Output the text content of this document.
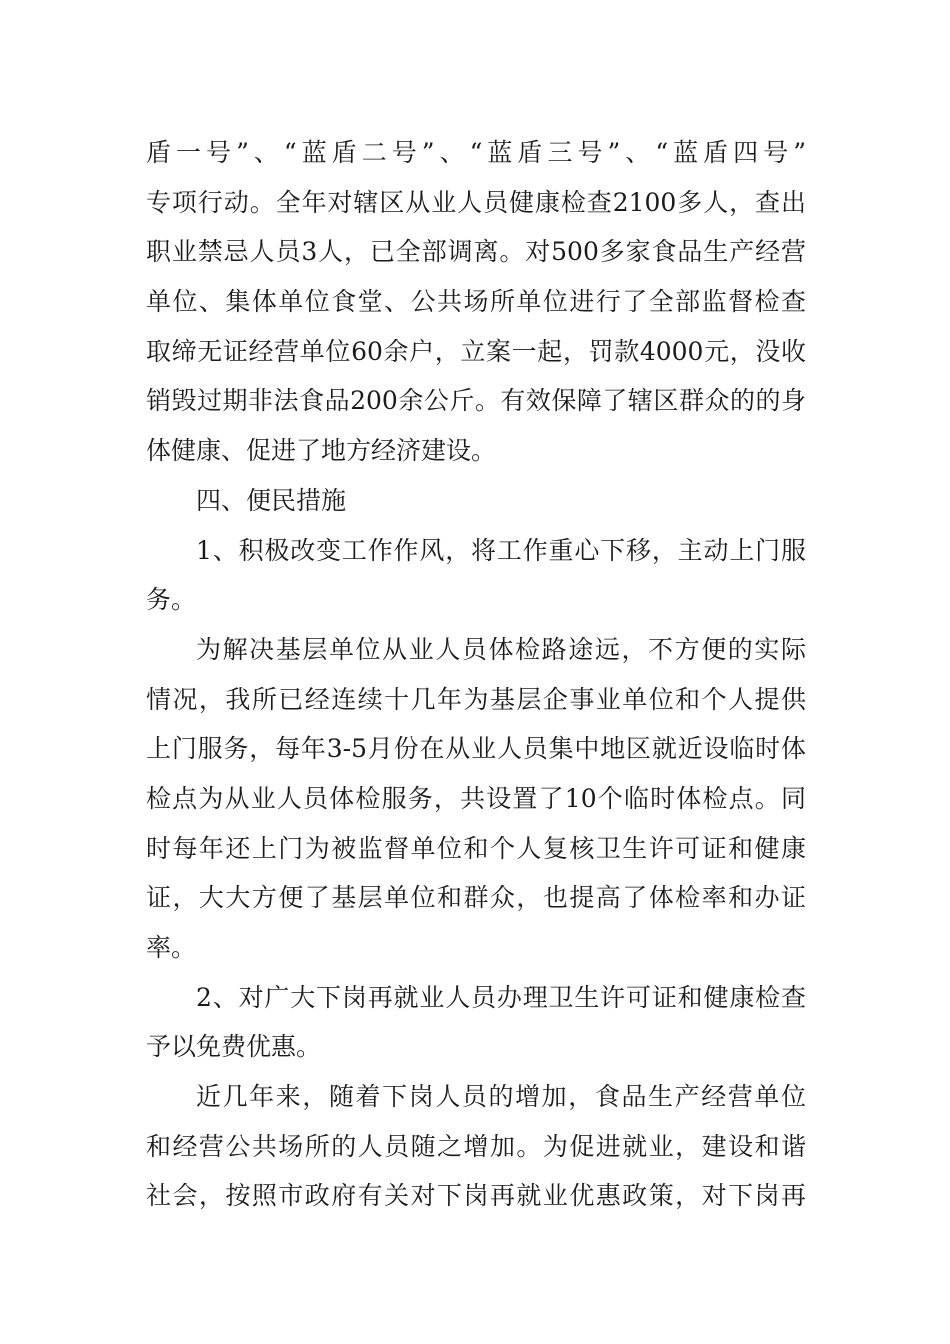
盾一号”、“蓝盾二号”、“蓝盾三号”、“蓝盾四号”
专项行动。全年对辖区从业人员健康检查2100多人，查出
职业禁忌人员3人，已全部调离。对500多家食品生产经营
单位、集体单位食堂、公共场所单位进行了全部监督检查
取缔无证经营单位60余户，立案一起，罚款4000元，没收
销毁过期非法食品200余公斤。有效保障了辖区群众的的身
体健康、促进了地方经济建设。
四、便民措施
1、积极改变工作作风，将工作重心下移，主动上门服
务。
为解决基层单位从业人员体检路途远，不方便的实际
情况，我所已经连续十几年为基层企事业单位和个人提供
上门服务，每年3-5月份在从业人员集中地区就近设临时体
检点为从业人员体检服务，共设置了10个临时体检点。同
时每年还上门为被监督单位和个人复核卫生许可证和健康
证，大大方便了基层单位和群众，也提高了体检率和办证
率。
2、对广大下岗再就业人员办理卫生许可证和健康检查
予以免费优惠。
近几年来，随着下岗人员的增加，食品生产经营单位
和经营公共场所的人员随之增加。为促进就业，建设和谐
社会，按照市政府有关对下岗再就业优惠政策，对下岗再
